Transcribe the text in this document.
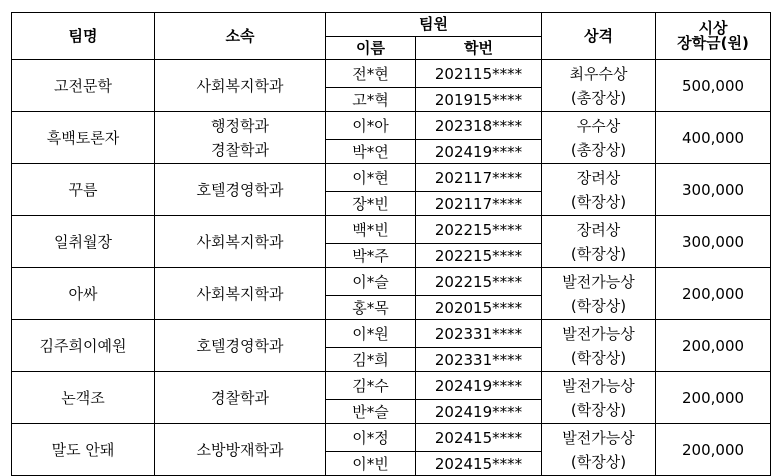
팀명	소속	팀원		상격	시상
장학금(원)

		이름	학번		
고전문학	사회복지학과	전*현	202115****	최우수상
(총장상)	500,000
		고*혁	201915****		
흑백토론자	행정학과
경찰학과	이*아	202318****	우수상
(총장상)	400,000
		박*연	202419****		
꾸름	호텔경영학과	이*현	202117****	장려상
(학장상)	300,000
		장*빈	202117****		
일취월장	사회복지학과	백*빈	202215****	장려상
(학장상)	300,000
		박*주	202215****		
아싸	사회복지학과	이*슬	202215****	발전가능상
(학장상)	200,000
		홍*목	202015****		
김주희이예원	호텔경영학과	이*원	202331****	발전가능상
(학장상)	200,000
		김*희	202331****		
논객조	경찰학과	김*수	202419****	발전가능상
(학장상)	200,000
		반*슬	202419****		
말도 안돼	소방방재학과	이*정	202415****	발전가능상
(학장상)	200,000
		이*빈	202415****		
